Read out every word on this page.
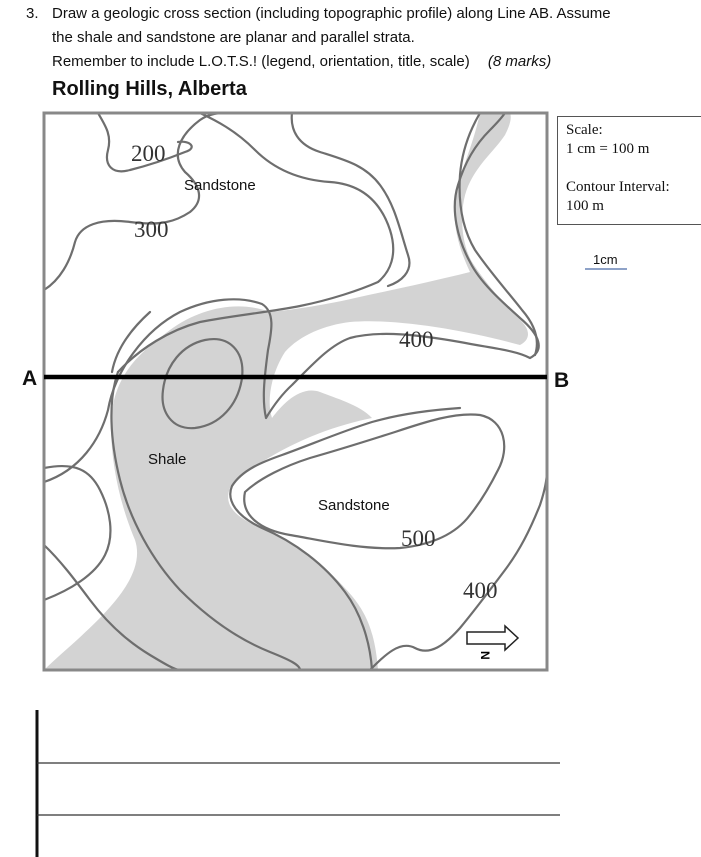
3. Draw a geologic cross section (including topographic profile) along Line AB. Assume
the shale and sandstone are planar and parallel strata.
Remember to include L.O.T.S.! (legend, orientation, title, scale) (8 marks)
Rolling Hills, Alberta
200
300
400
500
400
N
Sandstone
Shale
Sandstone
A	B
Scale:
1 cm = 100 m
Contour Interval:
100 m
1cm
